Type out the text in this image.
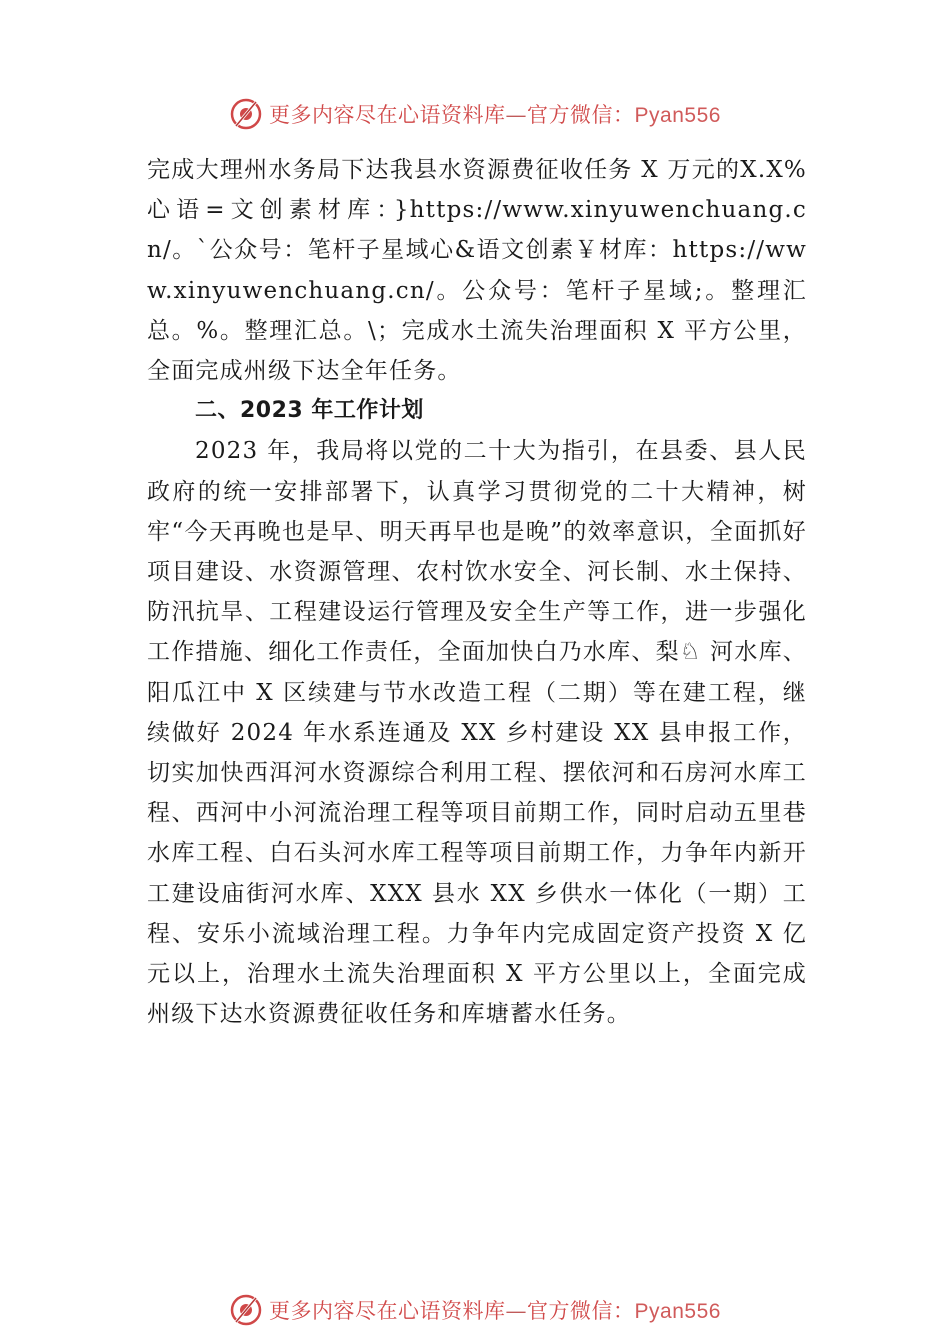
更多内容尽在心语资料库—官方微信：Pyan556

完成大理州水务局下达我县水资源费征收任务 X 万元的X.X%心语=文创素材库：}https://www.xinyuwenchuang.cn/。`公众号：笔杆子星域心&语文创素￥材库：https://www.xinyuwenchuang.cn/。公众号：笔杆子星域;。整理汇总。%。整理汇总。\；完成水土流失治理面积 X 平方公里，全面完成州级下达全年任务。

二、2023 年工作计划

2023 年，我局将以党的二十大为指引，在县委、县人民政府的统一安排部署下，认真学习贯彻党的二十大精神，树牢“今天再晚也是早、明天再早也是晚”的效率意识，全面抓好项目建设、水资源管理、农村饮水安全、河长制、水土保持、防汛抗旱、工程建设运行管理及安全生产等工作，进一步强化工作措施、细化工作责任，全面加快白乃水库、梨♘ 河水库、阳瓜江中 X 区续建与节水改造工程（二期）等在建工程，继续做好 2024 年水系连通及 XX 乡村建设 XX 县申报工作，切实加快西洱河水资源综合利用工程、摆依河和石房河水库工程、西河中小河流治理工程等项目前期工作，同时启动五里巷水库工程、白石头河水库工程等项目前期工作，力争年内新开工建设庙街河水库、XXX 县水 XX 乡供水一体化（一期）工程、安乐小流域治理工程。力争年内完成固定资产投资 X 亿元以上，治理水土流失治理面积 X 平方公里以上，全面完成州级下达水资源费征收任务和库塘蓄水任务。

更多内容尽在心语资料库—官方微信：Pyan556
